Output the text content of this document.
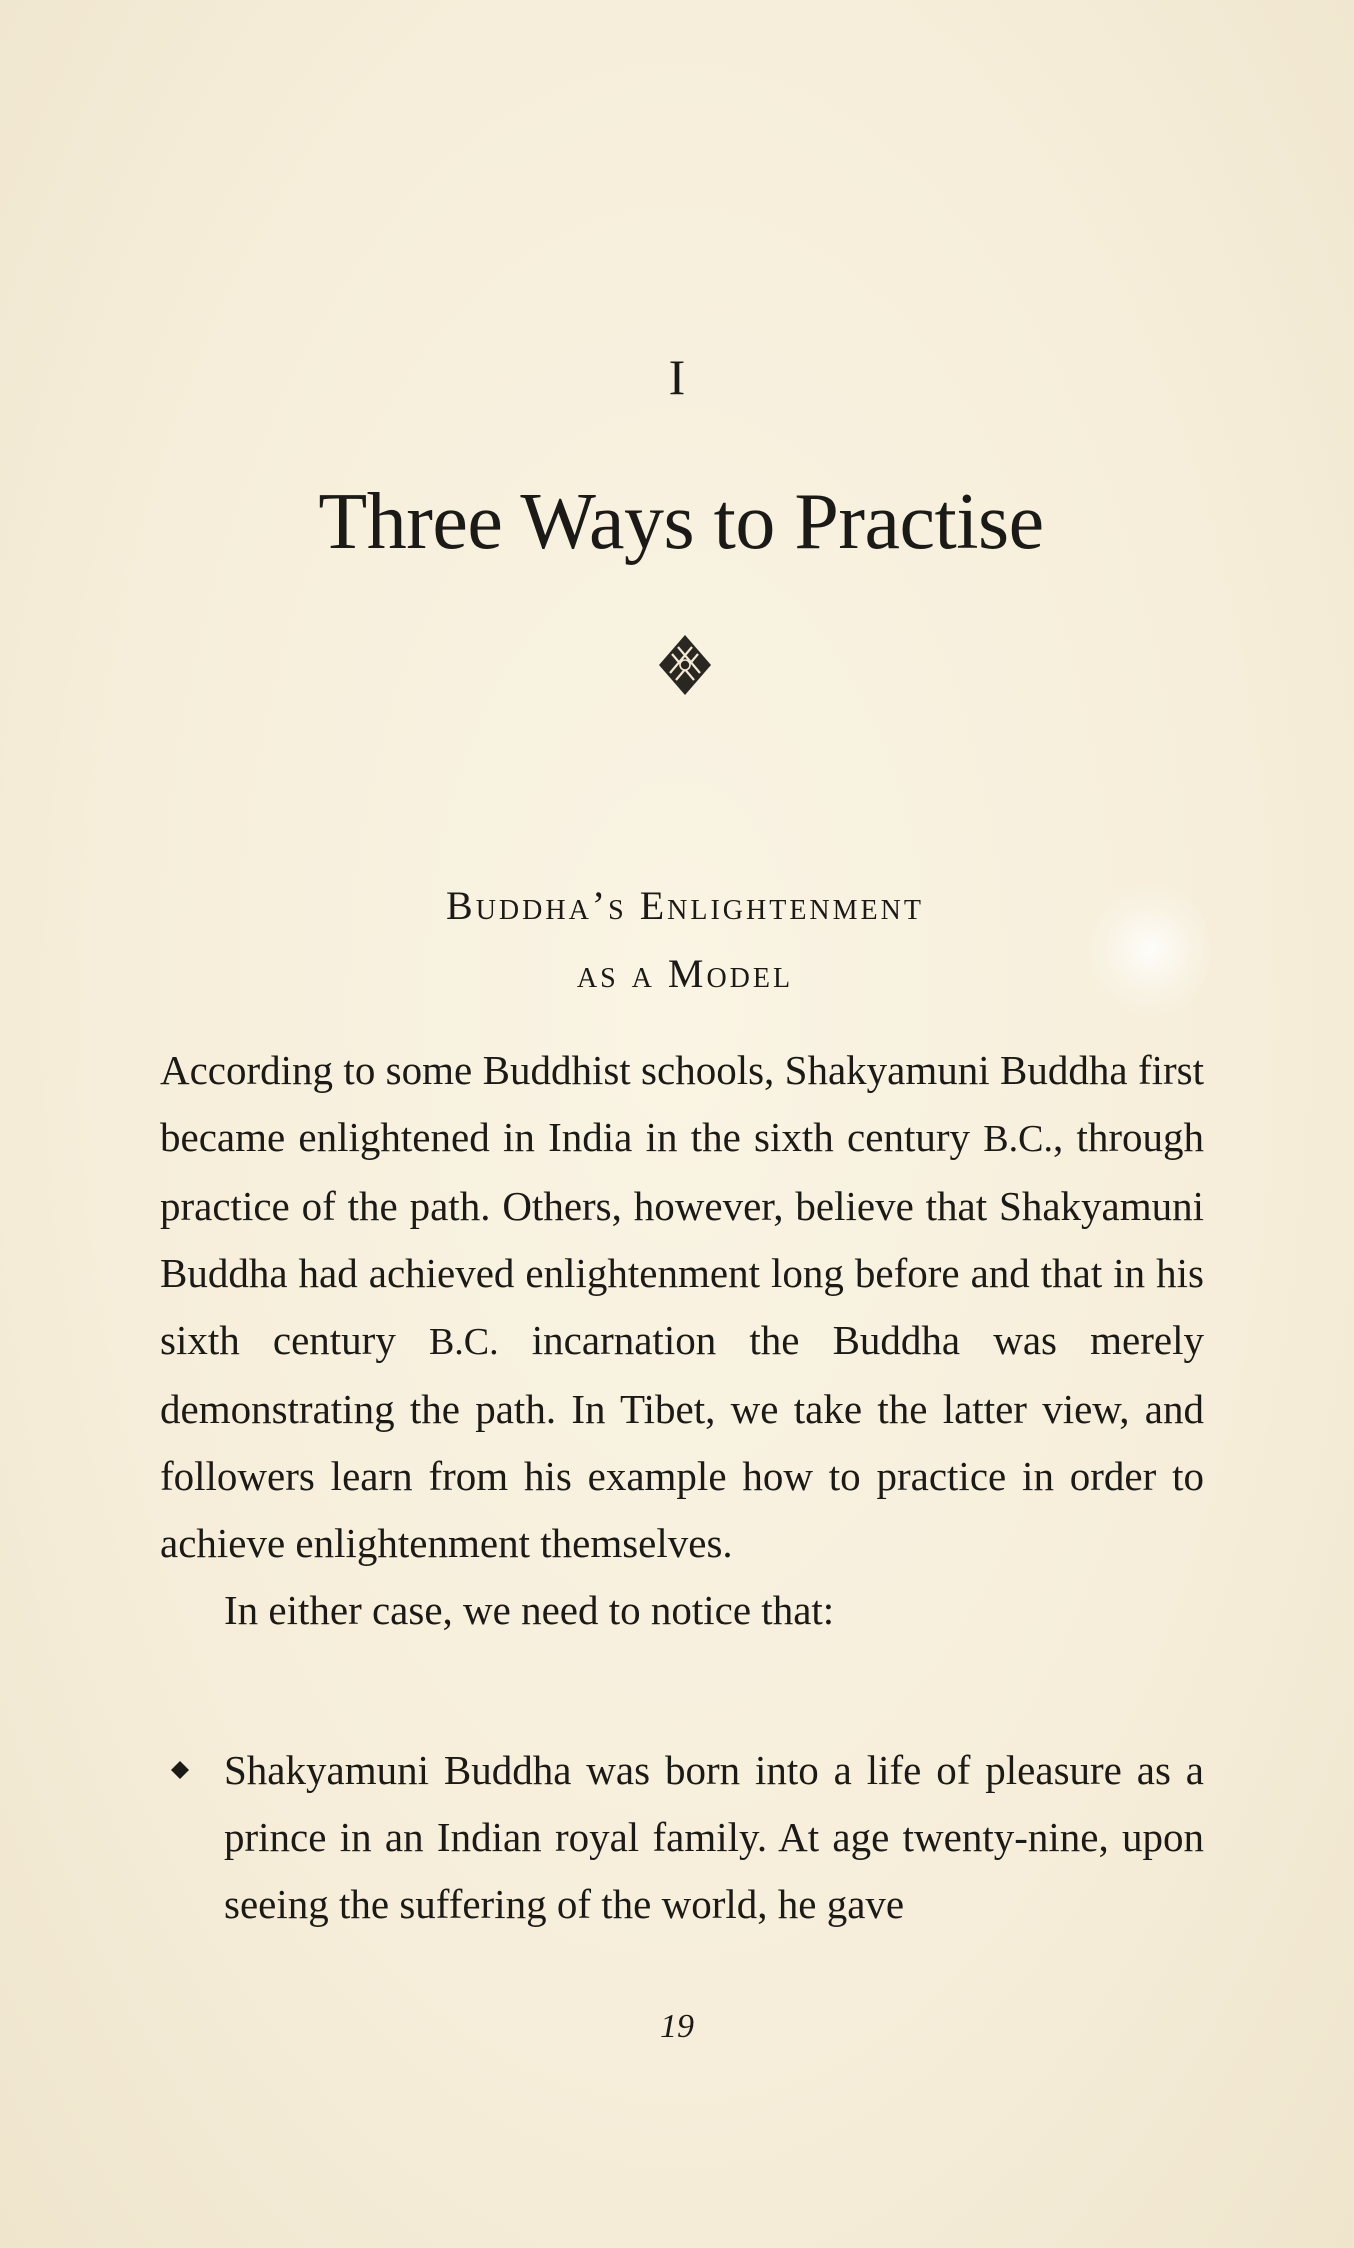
I
Three Ways to Practise
Buddha’s Enlightenment
as a Model

According to some Buddhist schools, Shakyamuni Buddha first became enlightened in India in the sixth century B.C., through practice of the path. Others, however, believe that Shakyamuni Buddha had achieved enlightenment long before and that in his sixth century B.C. incarnation the Buddha was merely demonstrating the path. In Tibet, we take the latter view, and followers learn from his example how to practice in order to achieve enlightenment themselves.

In either case, we need to notice that:

Shakyamuni Buddha was born into a life of pleasure as a prince in an Indian royal family. At age twenty-nine, upon seeing the suffering of the world, he gave
19
